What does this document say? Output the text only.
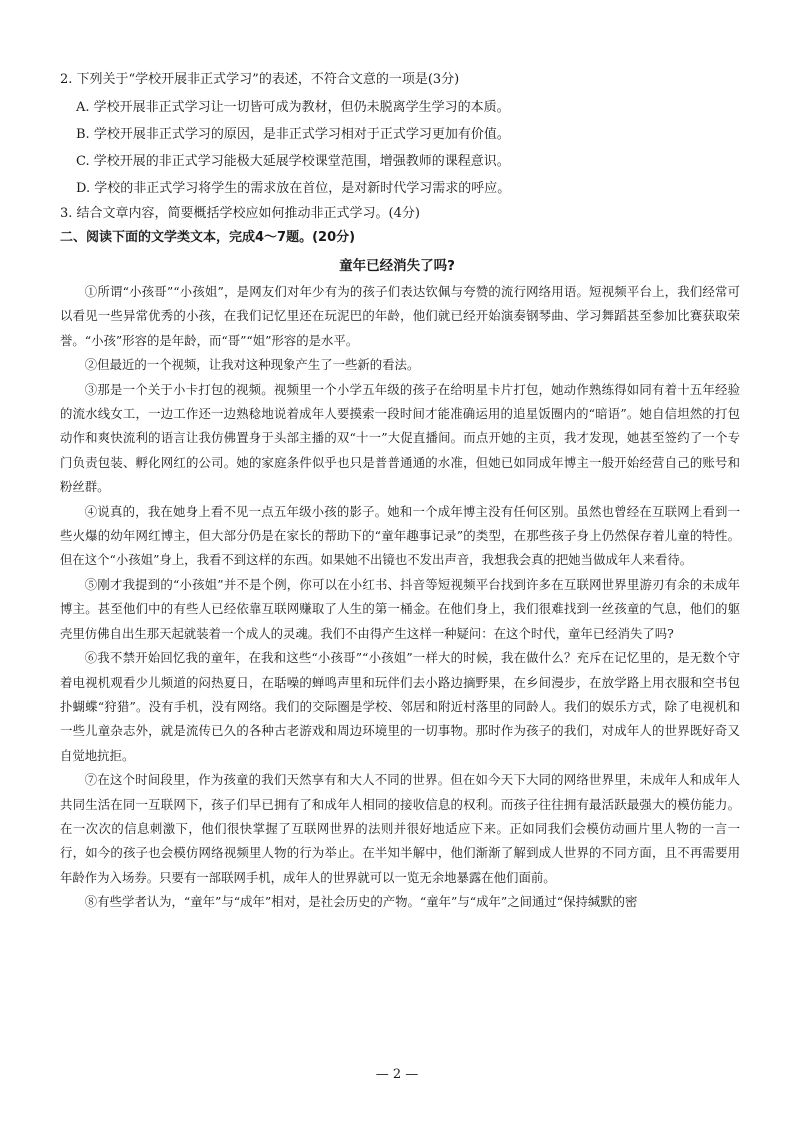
2. 下列关于“学校开展非正式学习”的表述，不符合文意的一项是(3分)
A. 学校开展非正式学习让一切皆可成为教材，但仍未脱离学生学习的本质。
B. 学校开展非正式学习的原因，是非正式学习相对于正式学习更加有价值。
C. 学校开展的非正式学习能极大延展学校课堂范围，增强教师的课程意识。
D. 学校的非正式学习将学生的需求放在首位，是对新时代学习需求的呼应。
3. 结合文章内容，简要概括学校应如何推动非正式学习。(4分)
二、阅读下面的文学类文本，完成4～7题。(20分)
童年已经消失了吗?

①所谓“小孩哥”“小孩姐”，是网友们对年少有为的孩子们表达钦佩与夸赞的流行网络用语。短视频平台上，我们经常可以看见一些异常优秀的小孩，在我们记忆里还在玩泥巴的年龄，他们就已经开始演奏钢琴曲、学习舞蹈甚至参加比赛获取荣誉。“小孩”形容的是年龄，而“哥”“姐”形容的是水平。

②但最近的一个视频，让我对这种现象产生了一些新的看法。

③那是一个关于小卡打包的视频。视频里一个小学五年级的孩子在给明星卡片打包，她动作熟练得如同有着十五年经验的流水线女工，一边工作还一边熟稔地说着成年人要摸索一段时间才能准确运用的追星饭圈内的“暗语”。她自信坦然的打包动作和爽快流利的语言让我仿佛置身于头部主播的双“十一”大促直播间。而点开她的主页，我才发现，她甚至签约了一个专门负责包装、孵化网红的公司。她的家庭条件似乎也只是普普通通的水准，但她已如同成年博主一般开始经营自己的账号和粉丝群。

④说真的，我在她身上看不见一点五年级小孩的影子。她和一个成年博主没有任何区别。虽然也曾经在互联网上看到一些火爆的幼年网红博主，但大部分仍是在家长的帮助下的“童年趣事记录”的类型，在那些孩子身上仍然保存着儿童的特性。但在这个“小孩姐”身上，我看不到这样的东西。如果她不出镜也不发出声音，我想我会真的把她当做成年人来看待。

⑤刚才我提到的“小孩姐”并不是个例，你可以在小红书、抖音等短视频平台找到许多在互联网世界里游刃有余的未成年博主。甚至他们中的有些人已经依靠互联网赚取了人生的第一桶金。在他们身上，我们很难找到一丝孩童的气息，他们的躯壳里仿佛自出生那天起就装着一个成人的灵魂。我们不由得产生这样一种疑问：在这个时代，童年已经消失了吗?

⑥我不禁开始回忆我的童年，在我和这些“小孩哥”“小孩姐”一样大的时候，我在做什么？充斥在记忆里的，是无数个守着电视机观看少儿频道的闷热夏日，在聒噪的蝉鸣声里和玩伴们去小路边摘野果，在乡间漫步，在放学路上用衣服和空书包扑蝴蝶“狩猎”。没有手机，没有网络。我们的交际圈是学校、邻居和附近村落里的同龄人。我们的娱乐方式，除了电视机和一些儿童杂志外，就是流传已久的各种古老游戏和周边环境里的一切事物。那时作为孩子的我们，对成年人的世界既好奇又自觉地抗拒。

⑦在这个时间段里，作为孩童的我们天然享有和大人不同的世界。但在如今天下大同的网络世界里，未成年人和成年人共同生活在同一互联网下，孩子们早已拥有了和成年人相同的接收信息的权利。而孩子往往拥有最活跃最强大的模仿能力。在一次次的信息刺激下，他们很快掌握了互联网世界的法则并很好地适应下来。正如同我们会模仿动画片里人物的一言一行，如今的孩子也会模仿网络视频里人物的行为举止。在半知半解中，他们渐渐了解到成人世界的不同方面，且不再需要用年龄作为入场券。只要有一部联网手机，成年人的世界就可以一览无余地暴露在他们面前。

⑧有些学者认为，“童年”与“成年”相对，是社会历史的产物。“童年”与“成年”之间通过“保持缄默的密

— 2 —
